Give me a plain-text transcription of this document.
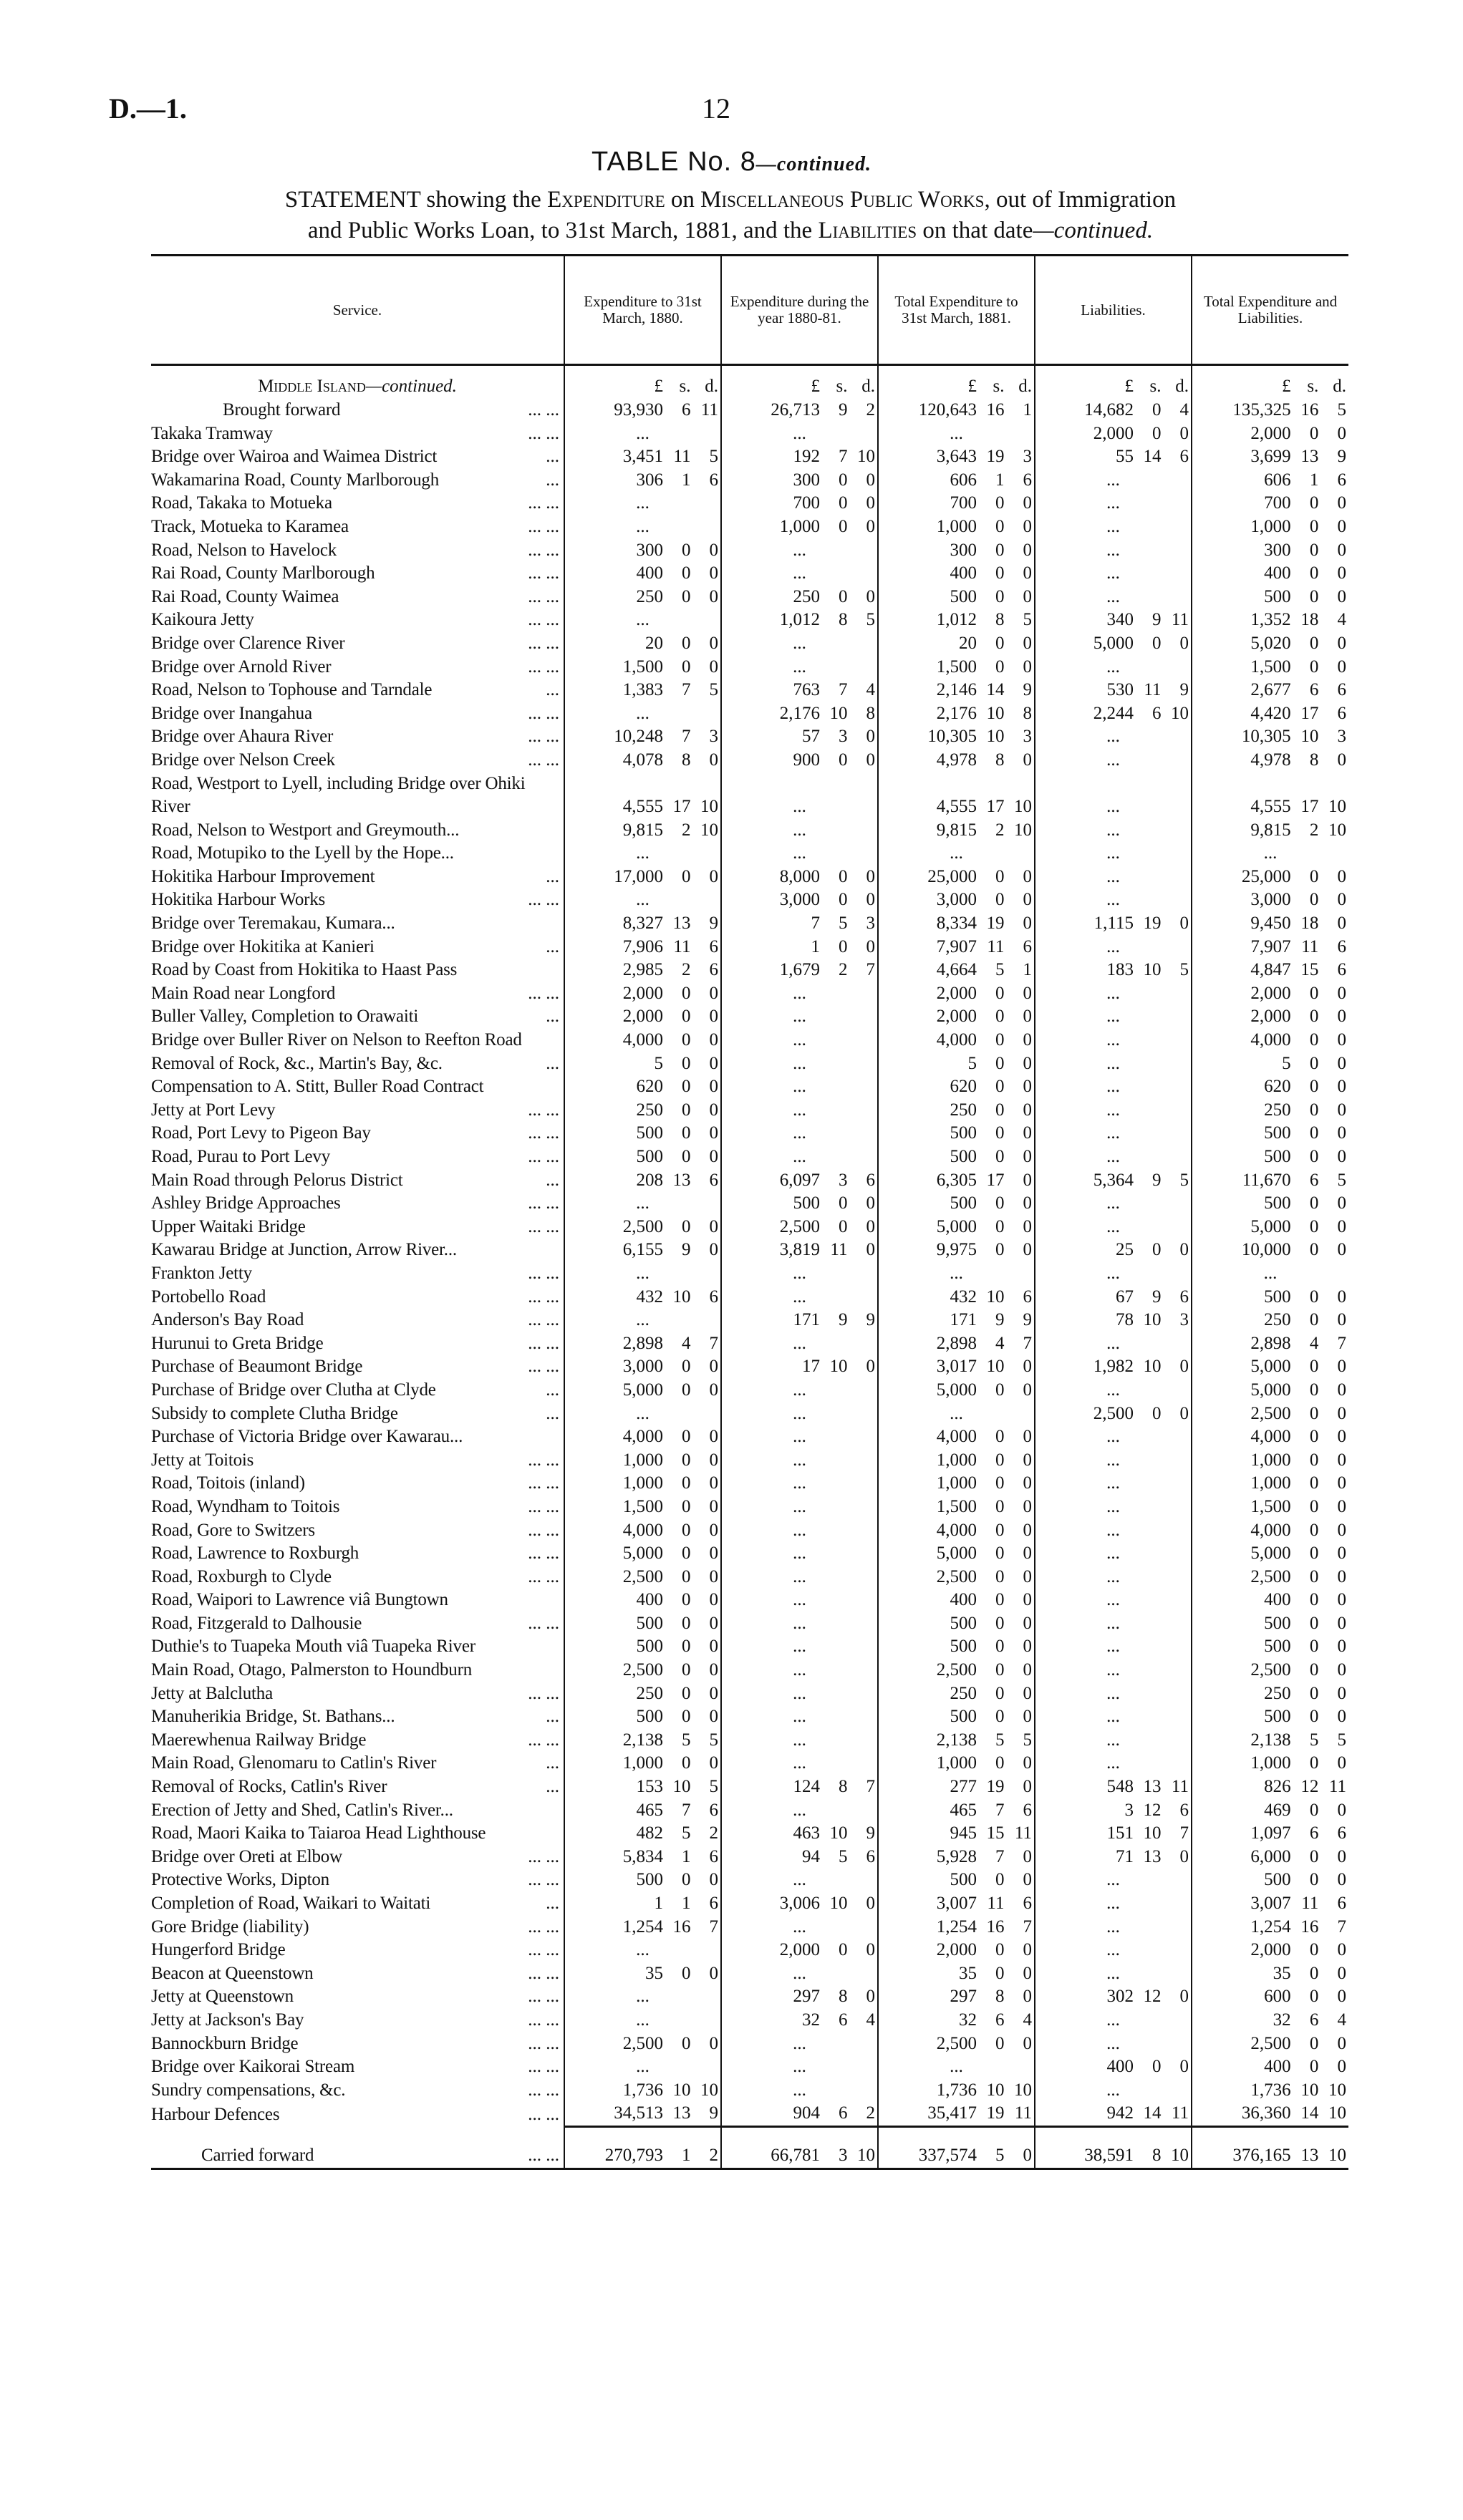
D.—1.	12
TABLE No. 8—continued.
STATEMENT showing the Expenditure on Miscellaneous Public Works, out of Immigration
and Public Works Loan, to 31st March, 1881, and the Liabilities on that date—continued.
Service.	Expenditure to 31st March, 1880.	Expenditure during the year 1880-81.	Total Expenditure to 31st March, 1881.	Liabilities.	Total Expenditure and Liabilities.
Middle Island—continued.	£ s. d.	£ s. d.	£ s. d.	£ s. d.	£ s. d.

Brought forward ... ...	93,930 6 11	26,713 9 2	120,643 16 1	14,682 0 4	135,325 16 5

Takaka Tramway ... ...	...	...	...	2,000 0 0	2,000 0 0

Bridge over Wairoa and Waimea District ...	3,451 11 5	192 7 10	3,643 19 3	55 14 6	3,699 13 9

Wakamarina Road, County Marlborough ...	306 1 6	300 0 0	606 1 6	...	606 1 6

Road, Takaka to Motueka ... ...	...	700 0 0	700 0 0	...	700 0 0

Track, Motueka to Karamea ... ...	...	1,000 0 0	1,000 0 0	...	1,000 0 0

Road, Nelson to Havelock ... ...	300 0 0	...	300 0 0	...	300 0 0

Rai Road, County Marlborough ... ...	400 0 0	...	400 0 0	...	400 0 0

Rai Road, County Waimea ... ...	250 0 0	250 0 0	500 0 0	...	500 0 0

Kaikoura Jetty ... ...	...	1,012 8 5	1,012 8 5	340 9 11	1,352 18 4

Bridge over Clarence River ... ...	20 0 0	...	20 0 0	5,000 0 0	5,020 0 0

Bridge over Arnold River ... ...	1,500 0 0	...	1,500 0 0	...	1,500 0 0

Road, Nelson to Tophouse and Tarndale ...	1,383 7 5	763 7 4	2,146 14 9	530 11 9	2,677 6 6

Bridge over Inangahua ... ...	...	2,176 10 8	2,176 10 8	2,244 6 10	4,420 17 6

Bridge over Ahaura River ... ...	10,248 7 3	57 3 0	10,305 10 3	...	10,305 10 3

Bridge over Nelson Creek ... ...	4,078 8 0	900 0 0	4,978 8 0	...	4,978 8 0

Road, Westport to Lyell, including Bridge over Ohiki River	4,555 17 10	...	4,555 17 10	...	4,555 17 10

Road, Nelson to Westport and Greymouth...	9,815 2 10	...	9,815 2 10	...	9,815 2 10

Road, Motupiko to the Lyell by the Hope...	...	...	...	...	...
Hokitika Harbour Improvement ...	17,000 0 0	8,000 0 0	25,000 0 0	...	25,000 0 0

Hokitika Harbour Works ... ...	...	3,000 0 0	3,000 0 0	...	3,000 0 0

Bridge over Teremakau, Kumara...	8,327 13 9	7 5 3	8,334 19 0	1,115 19 0	9,450 18 0

Bridge over Hokitika at Kanieri ...	7,906 11 6	1 0 0	7,907 11 6	...	7,907 11 6

Road by Coast from Hokitika to Haast Pass	2,985 2 6	1,679 2 7	4,664 5 1	183 10 5	4,847 15 6

Main Road near Longford ... ...	2,000 0 0	...	2,000 0 0	...	2,000 0 0

Buller Valley, Completion to Orawaiti ...	2,000 0 0	...	2,000 0 0	...	2,000 0 0

Bridge over Buller River on Nelson to Reefton Road	4,000 0 0	...	4,000 0 0	...	4,000 0 0

Removal of Rock, &c., Martin's Bay, &c. ...	5 0 0	...	5 0 0	...	5 0 0

Compensation to A. Stitt, Buller Road Contract	620 0 0	...	620 0 0	...	620 0 0

Jetty at Port Levy ... ...	250 0 0	...	250 0 0	...	250 0 0

Road, Port Levy to Pigeon Bay ... ...	500 0 0	...	500 0 0	...	500 0 0

Road, Purau to Port Levy ... ...	500 0 0	...	500 0 0	...	500 0 0

Main Road through Pelorus District ...	208 13 6	6,097 3 6	6,305 17 0	5,364 9 5	11,670 6 5

Ashley Bridge Approaches ... ...	...	500 0 0	500 0 0	...	500 0 0

Upper Waitaki Bridge ... ...	2,500 0 0	2,500 0 0	5,000 0 0	...	5,000 0 0

Kawarau Bridge at Junction, Arrow River...	6,155 9 0	3,819 11 0	9,975 0 0	25 0 0	10,000 0 0

Frankton Jetty ... ...	...	...	...	...	...
Portobello Road ... ...	432 10 6	...	432 10 6	67 9 6	500 0 0

Anderson's Bay Road ... ...	...	171 9 9	171 9 9	78 10 3	250 0 0

Hurunui to Greta Bridge ... ...	2,898 4 7	...	2,898 4 7	...	2,898 4 7

Purchase of Beaumont Bridge ... ...	3,000 0 0	17 10 0	3,017 10 0	1,982 10 0	5,000 0 0

Purchase of Bridge over Clutha at Clyde ...	5,000 0 0	...	5,000 0 0	...	5,000 0 0

Subsidy to complete Clutha Bridge ...	...	...	...	2,500 0 0	2,500 0 0

Purchase of Victoria Bridge over Kawarau...	4,000 0 0	...	4,000 0 0	...	4,000 0 0

Jetty at Toitois ... ...	1,000 0 0	...	1,000 0 0	...	1,000 0 0

Road, Toitois (inland) ... ...	1,000 0 0	...	1,000 0 0	...	1,000 0 0

Road, Wyndham to Toitois ... ...	1,500 0 0	...	1,500 0 0	...	1,500 0 0

Road, Gore to Switzers ... ...	4,000 0 0	...	4,000 0 0	...	4,000 0 0

Road, Lawrence to Roxburgh ... ...	5,000 0 0	...	5,000 0 0	...	5,000 0 0

Road, Roxburgh to Clyde ... ...	2,500 0 0	...	2,500 0 0	...	2,500 0 0

Road, Waipori to Lawrence viâ Bungtown	400 0 0	...	400 0 0	...	400 0 0

Road, Fitzgerald to Dalhousie ... ...	500 0 0	...	500 0 0	...	500 0 0

Duthie's to Tuapeka Mouth viâ Tuapeka River	500 0 0	...	500 0 0	...	500 0 0

Main Road, Otago, Palmerston to Houndburn	2,500 0 0	...	2,500 0 0	...	2,500 0 0

Jetty at Balclutha ... ...	250 0 0	...	250 0 0	...	250 0 0

Manuherikia Bridge, St. Bathans... ...	500 0 0	...	500 0 0	...	500 0 0

Maerewhenua Railway Bridge ... ...	2,138 5 5	...	2,138 5 5	...	2,138 5 5

Main Road, Glenomaru to Catlin's River ...	1,000 0 0	...	1,000 0 0	...	1,000 0 0

Removal of Rocks, Catlin's River ...	153 10 5	124 8 7	277 19 0	548 13 11	826 12 11

Erection of Jetty and Shed, Catlin's River...	465 7 6	...	465 7 6	3 12 6	469 0 0

Road, Maori Kaika to Taiaroa Head Lighthouse	482 5 2	463 10 9	945 15 11	151 10 7	1,097 6 6

Bridge over Oreti at Elbow ... ...	5,834 1 6	94 5 6	5,928 7 0	71 13 0	6,000 0 0

Protective Works, Dipton ... ...	500 0 0	...	500 0 0	...	500 0 0

Completion of Road, Waikari to Waitati ...	1 1 6	3,006 10 0	3,007 11 6	...	3,007 11 6

Gore Bridge (liability) ... ...	1,254 16 7	...	1,254 16 7	...	1,254 16 7

Hungerford Bridge ... ...	...	2,000 0 0	2,000 0 0	...	2,000 0 0

Beacon at Queenstown ... ...	35 0 0	...	35 0 0	...	35 0 0

Jetty at Queenstown ... ...	...	297 8 0	297 8 0	302 12 0	600 0 0

Jetty at Jackson's Bay ... ...	...	32 6 4	32 6 4	...	32 6 4

Bannockburn Bridge ... ...	2,500 0 0	...	2,500 0 0	...	2,500 0 0

Bridge over Kaikorai Stream ... ...	...	...	...	400 0 0	400 0 0

Sundry compensations, &c. ... ...	1,736 10 10	...	1,736 10 10	...	1,736 10 10

Harbour Defences ... ...	34,513 13 9	904 6 2	35,417 19 11	942 14 11	36,360 14 10

Carried forward ... ...	270,793 1 2	66,781 3 10	337,574 5 0	38,591 8 10	376,165 13 10
